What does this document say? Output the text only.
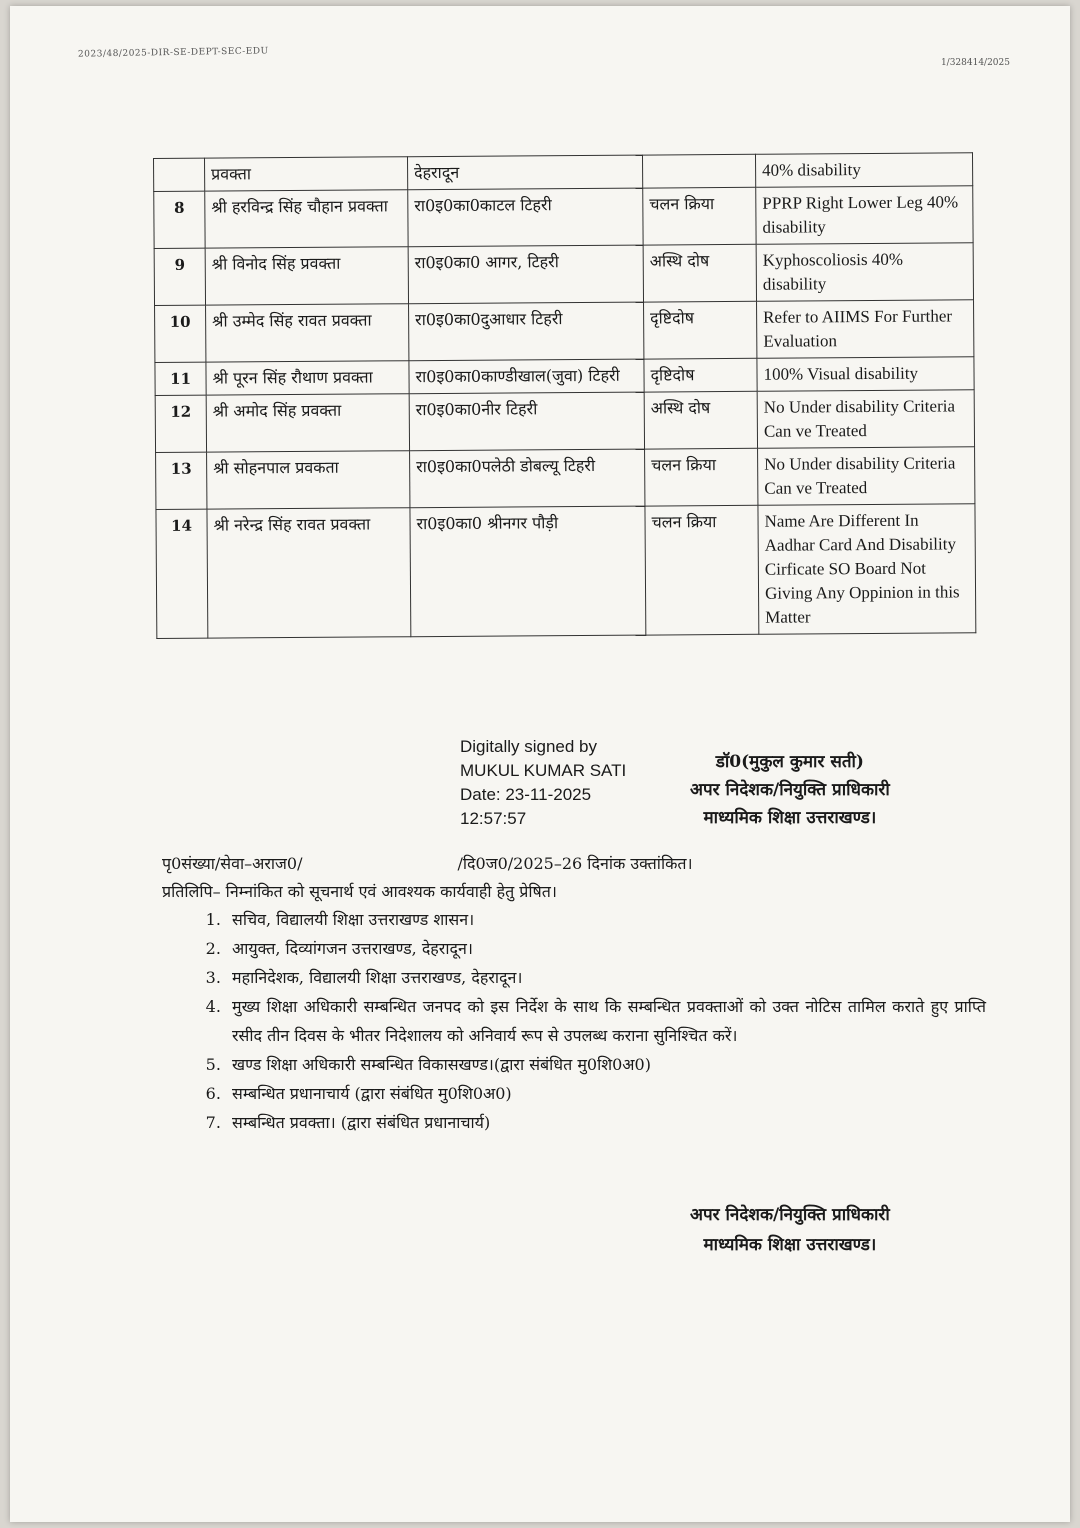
2023/48/2025-DIR-SE-DEPT-SEC-EDU
1/328414/2025
	प्रवक्ता	देहरादून		40% disability
8	श्री हरविन्द्र सिंह चौहान प्रवक्ता	रा0इ0का0काटल टिहरी	चलन क्रिया	PPRP Right Lower Leg 40% disability
9	श्री विनोद सिंह प्रवक्ता	रा0इ0का0 आगर, टिहरी	अस्थि दोष	Kyphoscoliosis 40% disability
10	श्री उम्मेद सिंह रावत प्रवक्ता	रा0इ0का0दुआधार टिहरी	दृष्टिदोष	Refer to AIIMS For Further Evaluation
11	श्री पूरन सिंह रौथाण प्रवक्ता	रा0इ0का0काण्डीखाल(जुवा) टिहरी	दृष्टिदोष	100% Visual disability
12	श्री अमोद सिंह प्रवक्ता	रा0इ0का0नीर टिहरी	अस्थि दोष	No Under disability Criteria Can ve Treated
13	श्री सोहनपाल प्रवकता	रा0इ0का0पलेठी डोबल्यू टिहरी	चलन क्रिया	No Under disability Criteria Can ve Treated
14	श्री नरेन्द्र सिंह रावत प्रवक्ता	रा0इ0का0 श्रीनगर पौड़ी	चलन क्रिया	Name Are Different In Aadhar Card And Disability Cirficate SO Board Not Giving Any Oppinion in this Matter
Digitally signed by
MUKUL KUMAR SATI
Date: 23-11-2025
12:57:57
डॉ0(मुकुल कुमार सती)
अपर निदेशक/नियुक्ति प्राधिकारी
माध्यमिक शिक्षा उत्तराखण्ड।
पृ0संख्या/सेवा–अराज0/	/दि0ज0/2025–26 दिनांक उक्तांकित।
प्रतिलिपि– निम्नांकित को सूचनार्थ एवं आवश्यक कार्यवाही हेतु प्रेषित।
1. सचिव, विद्यालयी शिक्षा उत्तराखण्ड शासन।
2. आयुक्त, दिव्यांगजन उत्तराखण्ड, देहरादून।
3. महानिदेशक, विद्यालयी शिक्षा उत्तराखण्ड, देहरादून।
4. मुख्य शिक्षा अधिकारी सम्बन्धित जनपद को इस निर्देश के साथ कि सम्बन्धित प्रवक्ताओं को उक्त नोटिस तामिल कराते हुए प्राप्ति रसीद तीन दिवस के भीतर निदेशालय को अनिवार्य रूप से उपलब्ध कराना सुनिश्चित करें।
5. खण्ड शिक्षा अधिकारी सम्बन्धित विकासखण्ड।(द्वारा संबंधित मु0शि0अ0)
6. सम्बन्धित प्रधानाचार्य (द्वारा संबंधित मु0शि0अ0)
7. सम्बन्धित प्रवक्ता। (द्वारा संबंधित प्रधानाचार्य)
अपर निदेशक/नियुक्ति प्राधिकारी
माध्यमिक शिक्षा उत्तराखण्ड।
